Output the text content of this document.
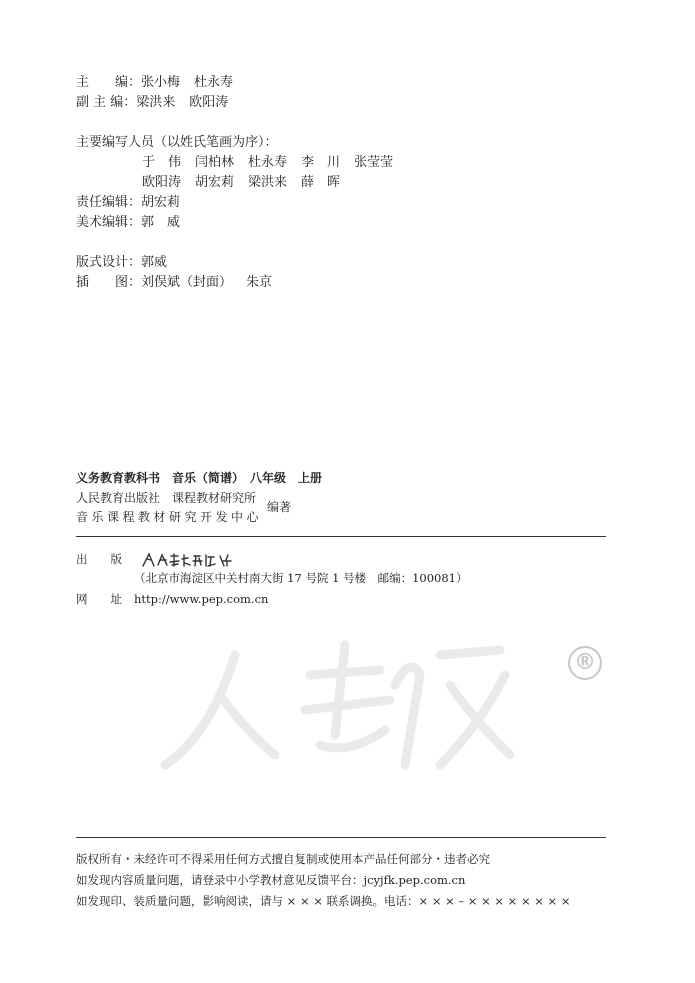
主　　编：张小梅 杜永寿
副 主 编：梁洪来 欧阳涛
主要编写人员（以姓氏笔画为序）：
于　伟 闫柏林 杜永寿 李　川 张莹莹
欧阳涛 胡宏莉 梁洪来 薛　晖
责任编辑：胡宏莉
美术编辑：郭　威
版式设计：郭威
插　　图：刘俣斌（封面） 朱京
义务教育教科书　音乐（简谱）　八年级　上册
人民教育出版社　课程教材研究所
音乐课程教材研究开发中心
编著
出　　版
（北京市海淀区中关村南大街 17 号院 1 号楼　邮编：100081）
网　　址 http://www.pep.com.cn
人教版
®
版权所有・未经许可不得采用任何方式擅自复制或使用本产品任何部分・违者必究
如发现内容质量问题，请登录中小学教材意见反馈平台：jcyjfk.pep.com.cn
如发现印、装质量问题，影响阅读，请与 × × × 联系调换。电话：× × × – × × × × × × × ×
